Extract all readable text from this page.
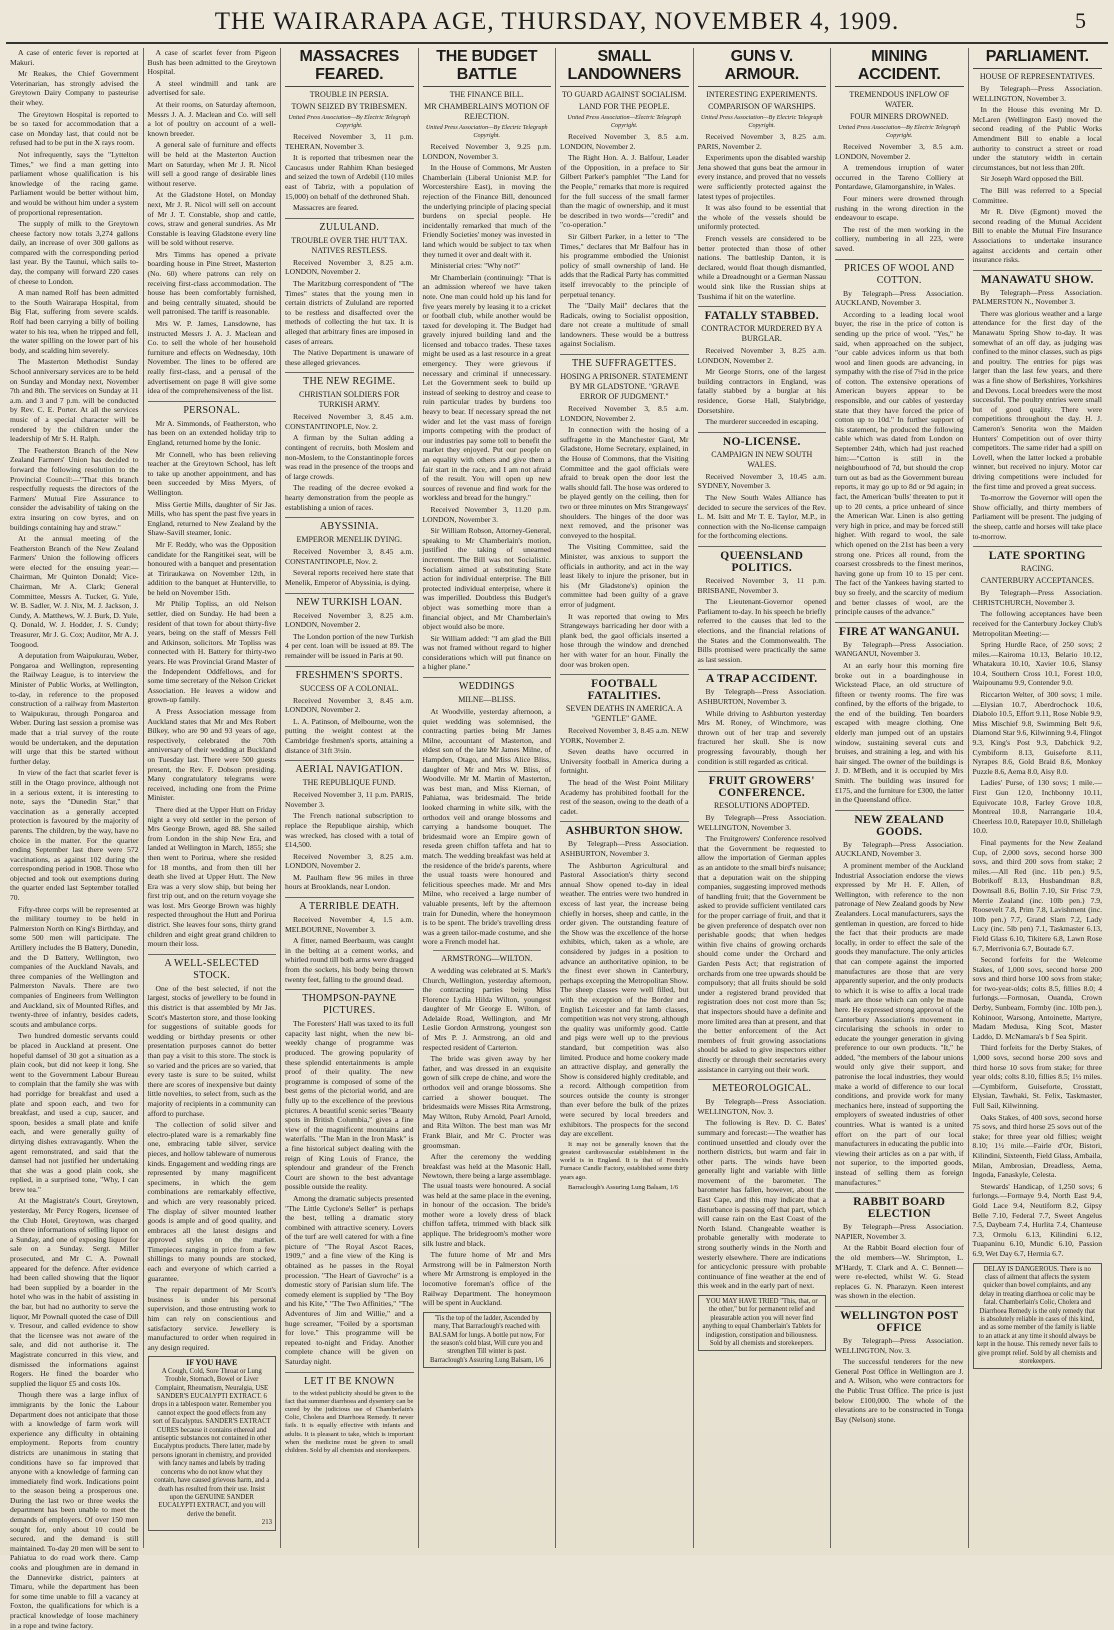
THE WAIRARAPA AGE, THURSDAY, NOVEMBER 4, 1909.	5

A case of enteric fever is reported at Makuri.

Mr Reakes, the Chief Government Veterinarian, has strongly advised the Greytown Dairy Company to pasteurise their whey.

The Greytown Hospital is reported to be so taxed for accommodation that a case on Monday last, that could not be refused had to be put in the X rays room.

Not infrequently, says the "Lyttelton Times," we find a man getting into parliament whose qualification is his knowledge of the racing game. Parliament would be better without him, and would be without him under a system of proportional representation.

The supply of milk to the Greytown cheese factory now totals 3,274 gallons daily, an increase of over 300 gallons as compared with the corresponding period last year. By the Taunui, which sails to-day, the company will forward 220 cases of cheese to London.

A man named Rolf has been admitted to the South Wairarapa Hospital, from Big Flat, suffering from severe scalds. Rolf had been carrying a billy of boiling water to his tea, when he tripped and fell, the water spilling on the lower part of his body, and scalding him severely.

The Masterton Methodist Sunday School anniversary services are to be held on Sunday and Monday next, November 7th and 8th. The services on Sunday at 11 a.m. and 3 and 7 p.m. will be conducted by Rev. C. E. Porter. At all the services music of a special character will be rendered by the children under the leadership of Mr S. H. Ralph.

The Featherston Branch of the New Zealand Farmers' Union has decided to forward the following resolution to the Provincial Council:—"That this branch respectfully requests the directors of the Farmers' Mutual Fire Assurance to consider the advisability of taking on the extra insuring on cow byres, and on buildings containing hay and straw."

At the annual meeting of the Featherston Branch of the New Zealand Farmers' Union the following officers were elected for the ensuing year:—Chairman, Mr Quinton Donald; Vice-Chairman, Mr A. Clark; General Committee, Messrs A. Tucker, G. Yule, W. B. Sadler, W. J. Nix, M. J. Jackson, J. Cundy, A. Matthews, W. J. Burk, D. Yule, Q. Donald, W. J. Hodder, J. S. Cundy; Treasurer, Mr J. G. Cox; Auditor, Mr A. J. Toogood.

A deputation from Waipukurau, Weber, Pongaroa and Wellington, representing the Railway League, is to interview the Minister of Public Works, at Wellington, to-day, in reference to the proposed construction of a railway from Masterton to Waipukurau, through Pongaroa and Weber. During last session a promise was made that a trial survey of the route would be undertaken, and the deputation will urge that this be started without further delay.

In view of the fact that scarlet fever is still in the Otago province, although not in a serious extent, it is interesting to note, says the "Dunedin Star," that vaccination as a generally accepted protection is favoured by the majority of parents. The children, by the way, have no choice in the matter. For the quarter ending September last there were 572 vaccinations, as against 102 during the corresponding period in 1908. Those who objected and took out exemptions during the quarter ended last September totalled 70.

Fifty-three corps will be represented at the military tourney to be held in Palmerston North on King's Birthday, and some 500 men will participate. The Artillery includes the B Battery, Dunedin, and the D Battery, Wellington, two companies of the Auckland Navals, and three companies of the Wellington and Palmerston Navals. There are two companies of Engineers from Wellington and Auckland, six of Mounted Rifles, and twenty-three of infantry, besides cadets, scouts and ambulance corps.

Two hundred domestic servants could be placed in Auckland at present. One hopeful damsel of 30 got a situation as a plain cook, but did not keep it long. She went to the Government Labour Bureau to complain that the family she was with had porridge for breakfast and used a plate and spoon each, and two for breakfast, and used a cup, saucer, and spoon, besides a small plate and knife each, and were generally guilty of dirtying dishes extravagantly. When the agent remonstrated, and said that the damsel had not justified her undertaking that she was a good plain cook, she replied, in a surprised tone, "Why, I can brew tea."

At the Magistrate's Court, Greytown, yesterday, Mr Percy Rogers, licensee of the Club Hotel, Greytown, was charged on three informations of selling liquor on a Sunday, and one of exposing liquor for sale on a Sunday. Sergt. Miller prosecuted, and Mr C. A. Pownall appeared for the defence. After evidence had been called showing that the liquor had been supplied by a boarder in the hotel who was in the habit of assisting in the bar, but had no authority to serve the liquor, Mr Pownall quoted the case of Dill v. Tresour, and called evidence to show that the licensee was not aware of the sale, and did not authorise it. The Magistrate concurred in this view, and dismissed the informations against Rogers. He fined the boarder who supplied the liquor £5 and costs 10s.

Though there was a large influx of immigrants by the Ionic the Labour Department does not anticipate that those with a knowledge of farm work will experience any difficulty in obtaining employment. Reports from country districts are unanimous in stating that conditions have so far improved that anyone with a knowledge of farming can immediately find work. Indications point to the season being a prosperous one. During the last two or three weeks the department has been unable to meet the demands of employers. Of over 150 men sought for, only about 10 could be secured, and the demand is still maintained. To-day 20 men will be sent to Pahiatua to do road work there. Camp cooks and ploughmen are in demand in the Dannevirke district, painters at Timaru, while the department has been for some time unable to fill a vacancy at Foxton, the qualifications for which is a practical knowledge of loose machinery in a rope and twine factory.

A case of scarlet fever from Pigeon Bush has been admitted to the Greytown Hospital.

A steel windmill and tank are advertised for sale.

At their rooms, on Saturday afternoon, Messrs J. A. J. Maclean and Co. will sell a lot of poultry on account of a well-known breeder.

A general sale of furniture and effects will be held at the Masterton Auction Mart on Saturday, when Mr J. R. Nicol will sell a good range of desirable lines without reserve.

At the Gladstone Hotel, on Monday next, Mr J. R. Nicol will sell on account of Mr J. T. Constable, shop and cattle, cows, straw and general sundries. As Mr Constable is leaving Gladstone every line will be sold without reserve.

Mrs Timms has opened a private boarding house in Pine Street, Masterton (No. 60) where patrons can rely on receiving first-class accommodation. The house has been comfortably furnished, and being centrally situated, should be well patronised. The tariff is reasonable.

Mrs W. P. James, Lansdowne, has instructed Messrs J. A. J. Maclean and Co. to sell the whole of her household furniture and effects on Wednesday, 10th November. The lines to be offered are really first-class, and a perusal of the advertisement on page 8 will give some idea of the comprehensiveness of the list.

PERSONAL.

Mr A. Simmonds, of Featherston, who has been on an extended holiday trip to England, returned home by the Ionic.

Mr Connell, who has been relieving teacher at the Greytown School, has left to take up another appointment, and has been succeeded by Miss Myers, of Wellington.

Miss Gertie Mills, daughter of Sir Jas. Mills, who has spent the past five years in England, returned to New Zealand by the Shaw-Savill steamer, Ionic.

Mr F. Reddy, who was the Opposition candidate for the Rangitikei seat, will be honoured with a banquet and presentation at Tiriraukawa on November 12th, in addition to the banquet at Hunterville, to be held on November 15th.

Mr Philip Topliss, an old Nelson settler, died on Sunday. He had been a resident of that town for about thirty-five years, being on the staff of Messrs Fell and Atkinson, solicitors. Mr Topliss was connected with H. Battery for thirty-two years. He was Provincial Grand Master of the Independent Oddfellows, and for some time secretary of the Nelson Cricket Association. He leaves a widow and grown-up family.

A Press Association message from Auckland states that Mr and Mrs Robert Bilkey, who are 90 and 93 years of age, respectively, celebrated the 70th anniversary of their wedding at Buckland on Tuesday last. There were 500 guests present, the Rev. F. Dobson presiding. Many congratulatory telegrams were received, including one from the Prime Minister.

There died at the Upper Hutt on Friday night a very old settler in the person of Mrs George Brown, aged 88. She sailed from London in the ship New Era, and landed at Wellington in March, 1855; she then went to Porirua, where she resided for 18 months, and from then till her death she lived at Upper Hutt. The New Era was a very slow ship, but being her first trip out, and on the return voyage she was lost. Mrs George Brown was highly respected throughout the Hutt and Porirua district. She leaves four sons, thirty grand children and eight great grand children to mourn their loss.

A WELL-SELECTED STOCK.

One of the best selected, if not the largest, stocks of jewellery to be found in this district is that assembled by Mr Jas. Scott's Masterton store, and those looking for suggestions of suitable goods for wedding or birthday presents or other presentation purposes cannot do better than pay a visit to this store. The stock is so varied and the prices are so varied, that every taste is sure to be suited, whilst there are scores of inexpensive but dainty little novelties, to select from, such as the majority of recipients in a community can afford to purchase.

The collection of solid silver and electro-plated ware is a remarkably fine one, embracing table silver, service pieces, and hollow tableware of numerous kinds. Engagement and wedding rings are represented by many magnificent specimens, in which the gem combinations are remarkably effective, and which are very reasonably priced. The display of silver mounted leather goods is ample and of good quality, and embraces all the latest designs and approved styles on the market. Timepieces ranging in price from a few shillings to many pounds are stocked, each and everyone of which carried a guarantee.

The repair department of Mr Scott's business is under his personal supervision, and those entrusting work to him can rely on conscientious and satisfactory service. Jewellery is manufactured to order when required in any design required.

IF YOU HAVE
A Cough, Cold, Sore Throat or Lung Trouble, Stomach, Bowel or Liver Complaint, Rheumatism, Neuralgia, USE SANDER'S EUCALYPTI EXTRACT. 6 drops in a tablespoon water. Remember you cannot expect the good effects from any sort of Eucalyptus. SANDER'S EXTRACT CURES because it contains ethereal and antiseptic substances not contained in other Eucalyptus products. There latter, made by persons ignorant in chemistry, and provided with fancy names and labels by trading concerns who do not know what they contain, have caused grievous harm, and a death has resulted from their use. Insist upon the GENUINE SANDER EUCALYPTI EXTRACT, and you will derive the benefit.
213
MASSACRES FEARED.
TROUBLE IN PERSIA.
TOWN SEIZED BY TRIBESMEN.
United Press Association—By Electric Telegraph Copyright.

Received November 3, 11 p.m. TEHERAN, November 3.

It is reported that tribesmen near the Caucasus under Rahhim Khan besieged and seized the town of Ardebil (110 miles east of Tabriz, with a population of 15,000) on behalf of the dethroned Shah.

Massacres are feared.

ZULULAND.
TROUBLE OVER THE HUT TAX. NATIVES RESTLESS.

Received November 3, 8.25 a.m. LONDON, November 2.

The Maritzburg correspondent of "The Times" states that the young men in certain districts of Zululand are reported to be restless and disaffected over the methods of collecting the hut tax. It is alleged that arbitrary fines are imposed in cases of arrears.

The Native Department is unaware of these alleged grievances.

THE NEW REGIME.
CHRISTIAN SOLDIERS FOR TURKISH ARMY.

Received November 3, 8.45 a.m. CONSTANTINOPLE, Nov. 2.

A firman by the Sultan adding a contingent of recruits, both Moslem and non-Moslem, to the Constantinople forces was read in the presence of the troops and of large crowds.

The reading of the decree evoked a hearty demonstration from the people as establishing a union of races.

ABYSSINIA.
EMPEROR MENELIK DYING.

Received November 3, 8.45 a.m. CONSTANTINOPLE, Nov. 2.

Several reports received here state that Menelik, Emperor of Abyssinia, is dying.

NEW TURKISH LOAN.

Received November 3, 8.25 a.m. LONDON, November 2.

The London portion of the new Turkish 4 per cent. loan will be issued at 89. The remainder will be issued in Paris at 90.

FRESHMEN'S SPORTS.
SUCCESS OF A COLONIAL.

Received November 3, 8.45 a.m. LONDON, November 2.

L. A. Patinson, of Melbourne, won the putting the weight contest at the Cambridge freshmen's sports, attaining a distance of 31ft 3½in.

AERIAL NAVIGATION.
THE REPUBLIQUE FUND.

Received November 3, 11 p.m. PARIS, November 3.

The French national subscription to replace the Republique airship, which was wrecked, has closed with a total of £14,500.

Received November 3, 8.25 a.m. LONDON, November 2.

M. Paulham flew 96 miles in three hours at Brooklands, near London.

A TERRIBLE DEATH.

Received November 4, 1.5 a.m. MELBOURNE, November 3.

A fitter, named Beerbaum, was caught in the belting at a cement works, and whirled round till both arms were dragged from the sockets, his body being thrown twenty feet, falling to the ground dead.

THOMPSON-PAYNE PICTURES.

The Foresters' Hall was taxed to its full capacity last night, when the new bi-weekly change of programme was produced. The growing popularity of these splendid entertainments is ample proof of their quality. The new programme is composed of some of the best gems of the pictorial world, and are fully up to the excellence of the previous pictures. A beautiful scenic series "Beauty spots in British Columbia," gives a fine view of the magnificent mountains and waterfalls. "The Man in the Iron Mask" is a fine historical subject dealing with the reign of King Louis of France, the splendour and grandeur of the French Court are shown to the best advantage possible outside the reality.

Among the dramatic subjects presented "The Little Cyclone's Seller" is perhaps the best, telling a dramatic story combined with attractive scenery. Lovers of the turf are well catered for with a fine picture of "The Royal Ascot Races, 1909," and a fine view of the King is obtained as he passes in the Royal procession. "The Heart of Gavroche" is a domestic story of Parisian slum life. The comedy element is supplied by "The Boy and his Kite," "The Two Affinities," "The Adventures of Jim and Willie," and a huge screamer, "Foiled by a sportsman for love." This programme will be repeated to-night and Friday. Another complete chance will be given on Saturday night.

LET IT BE KNOWN

to the widest publicity should be given to the fact that summer diarrhoea and dysentery can be cured by the judicious use of Chamberlain's Colic, Cholera and Diarrhoea Remedy. It never fails. It is equally effective with infants and adults. It is pleasant to take, which is important when the medicine must be given to small children. Sold by all chemists and storekeepers.

THE BUDGET BATTLE
THE FINANCE BILL.
MR CHAMBERLAIN'S MOTION OF REJECTION.
United Press Association—By Electric Telegraph Copyright.

Received November 3, 9.25 p.m. LONDON, November 3.

In the House of Commons, Mr Austen Chamberlain (Liberal Unionist M.P. for Worcestershire East), in moving the rejection of the Finance Bill, denounced the underlying principle of placing special burdens on special people. He incidentally remarked that much of the Friendly Societies' money was invested in land which would be subject to tax when they turned it over and dealt with it.

Ministerial cries: "Why not?"

Mr Chamberlain (continuing): "That is an admission whereof we have taken note. One man could hold up his land for five years merely by leasing it to a cricket or football club, while another would be taxed for developing it. The Budget had gravely injured building land and the licensed and tobacco trades. These taxes might be used as a last resource in a great emergency. They were grievous if necessary and criminal if unnecessary. Let the Government seek to build up instead of seeking to destroy and cease to ruin particular trades by burdens too heavy to bear. If necessary spread the net wider and let the vast mass of foreign imports competing with the product of our industries pay some toll to benefit the market they enjoyed. Put our people on an equality with others and give them a fair start in the race, and I am not afraid of the result. You will open up new sources of revenue and find work for the workless and bread for the hungry."

Received November 3, 11.20 p.m. LONDON, November 3.

Sir William Robson, Attorney-General, speaking to Mr Chamberlain's motion, justified the taking of unearned increment. The Bill was not Socialistic. Socialism aimed at substituting State action for individual enterprise. The Bill protected individual enterprise, where it was imperilled. Doubtless this Budget's object was something more than a financial object, and Mr Chamberlain's object would also be more.

Sir William added: "I am glad the Bill was not framed without regard to higher considerations which will put finance on a higher plane."

WEDDINGS
MILNE—BLISS.

At Woodville, yesterday afternoon, a quiet wedding was solemnised, the contracting parties being Mr James Milne, accountant of Masterton, and eldest son of the late Mr James Milne, of Hampden, Otago, and Miss Alice Bliss, daughter of Mr and Mrs W. Bliss, of Woodville. Mr M. Martin of Masterton, was best man, and Miss Kiernan, of Pahiatua, was bridesmaid. The bride looked charming in white silk, with the orthodox veil and orange blossoms and carrying a handsome bouquet. The bridesmaid wore an Empire gown of reseda green chiffon taffeta and hat to match. The wedding breakfast was held at the residence of the bride's parents, where the usual toasts were honoured and felicitious speeches made. Mr and Mrs Milne, who received a large number of valuable presents, left by the afternoon train for Dunedin, where the honeymoon is to be spent. The bride's travelling dress was a green tailor-made costume, and she wore a French model hat.

ARMSTRONG—WILTON.

A wedding was celebrated at S. Mark's Church, Wellington, yesterday afternoon, the contracting parties being Miss Florence Lydia Hilda Wilton, youngest daughter of Mr George E. Wilton, of Adelaide Road, Wellington, and Mr Leslie Gordon Armstrong, youngest son of Mrs P. J. Armstrong, an old and respected resident of Carterton.

The bride was given away by her father, and was dressed in an exquisite gown of silk crepe de chine, and wore the orthodox veil and orange blossoms. She carried a shower bouquet. The bridesmaids were Misses Rita Armstrong, May Wilton, Ruby Arnold, Pearl Arnold, and Rita Wilton. The best man was Mr Frank Blair, and Mr C. Procter was groomsman.

After the ceremony the wedding breakfast was held at the Masonic Hall, Newtown, there being a large assemblage. The usual toasts were honoured. A social was held at the same place in the evening, in honour of the occasion. The bride's mother wore a lovely dress of black chiffon taffeta, trimmed with black silk applique. The bridegroom's mother wore silk lustre and black.

The future home of Mr and Mrs Armstrong will be in Palmerston North where Mr Armstrong is employed in the locomotive foreman's office of the Railway Department. The honeymoon will be spent in Auckland.

'Tis the top of the ladder, Ascended by many, That Barraclough's reached with BALSAM for lungs. A bottle put now, For the season's cold blast, Will cure you and strengthen Till winter is past.
Barraclough's Assuring Lung Balsam, 1/6
SMALL LANDOWNERS
TO GUARD AGAINST SOCIALISM.
LAND FOR THE PEOPLE.
United Press Association—Electric Telegraph Copyright.

Received November 3, 8.5 a.m. LONDON, November 2.

The Right Hon. A. J. Balfour, Leader of the Opposition, in a preface to Sir Gilbert Parker's pamphlet "The Land for the People," remarks that more is required for the full success of the small farmer than the magic of ownership, and it must be described in two words—"credit" and "co-operation."

Sir Gilbert Parker, in a letter to "The Times," declares that Mr Balfour has in his programme embodied the Unionist policy of small ownership of land. He adds that the Radical Party has committed itself irrevocably to the principle of perpetual tenancy.

The "Daily Mail" declares that the Radicals, owing to Socialist opposition, dare not create a multitude of small landowners. These would be a buttress against Socialism.

THE SUFFRAGETTES.
HOSING A PRISONER. STATEMENT BY MR GLADSTONE. "GRAVE ERROR OF JUDGMENT."

Received November 3, 8.5 a.m. LONDON, November 2.

In connection with the hosing of a suffragette in the Manchester Gaol, Mr Gladstone, Home Secretary, explained, in the House of Commons, that the Visiting Committee and the gaol officials were afraid to break open the door lest the walls should fall. The hose was ordered to be played gently on the ceiling, then for two or three minutes on Mrs Strangeways' shoulders. The hinges of the door was next removed, and the prisoner was conveyed to the hospital.

The Visiting Committee, said the Minister, was anxious to support the officials in authority, and act in the way least likely to injure the prisoner, but in his (Mr Gladstone's) opinion the committee had been guilty of a grave error of judgment.

It was reported that owing to Mrs Strangeways barricading her door with a plank bed, the gaol officials inserted a hose through the window and drenched her with water for an hour. Finally the door was broken open.

FOOTBALL FATALITIES.
SEVEN DEATHS IN AMERICA. A "GENTLE" GAME.

Received November 3, 8.45 a.m. NEW YORK, November 2.

Seven deaths have occurred in University football in America during a fortnight.

The head of the West Point Military Academy has prohibited football for the rest of the season, owing to the death of a cadet.

ASHBURTON SHOW.

By Telegraph—Press Association. ASHBURTON, November 3.

The Ashburton Agricultural and Pastoral Association's thirty second annual Show opened to-day in ideal weather. The entries were two hundred in excess of last year, the increase being chiefly in horses, sheep and cattle, in the order given. The outstanding feature of the Show was the excellence of the horse exhibits, which, taken as a whole, are considered by judges in a position to advance an authoritative opinion, to be the finest ever shown in Canterbury, perhaps excepting the Metropolitan Show. The sheep classes were well filled, but with the exception of the Border and English Leicester and fat lamb classes, competition was not very strong, although the quality was uniformly good. Cattle and pigs were well up to the previous standard, but competition was also limited. Produce and home cookery made an attractive display, and generally the Show is considered highly creditable, and a record. Although competition from sources outside the county is stronger than ever before the bulk of the prizes were secured by local breeders and exhibitors. The prospects for the second day are excellent.

It may not be generally known that the greatest cardiovascular establishment in the world is in England. It is that of French's Furnace Candle Factory, established some thirty years ago.

Barraclough's Assuring Lung Balsam, 1/6

GUNS V. ARMOUR.
INTERESTING EXPERIMENTS.
COMPARISON OF WARSHIPS.
United Press Association—By Electric Telegraph Copyright.

Received November 3, 8.25 a.m. PARIS, November 2.

Experiments upon the disabled warship Jena showed that guns beat the armour in every instance, and proved that no vessels were sufficiently protected against the latest types of projectiles.

It was also found to be essential that the whole of the vessels should be uniformly protected.

French vessels are considered to be better protected than those of other nations. The battleship Danton, it is declared, would float though dismantled, while a Dreadnought or a German Nassau would sink like the Russian ships at Tsushima if hit on the waterline.

FATALLY STABBED.
CONTRACTOR MURDERED BY A BURGLAR.

Received November 3, 8.25 a.m. LONDON, November 2.

Mr George Storrs, one of the largest building contractors in England, was fatally stabbed by a burglar at his residence, Gorse Hall, Stalybridge, Dorsetshire.

The murderer succeeded in escaping.

NO-LICENSE.
CAMPAIGN IN NEW SOUTH WALES.

Received November 3, 10.45 a.m. SYDNEY, November 3.

The New South Wales Alliance has decided to secure the services of the Rev. L. M. Isitt and Mr T. E. Taylor, M.P., in connection with the No-license campaign for the forthcoming elections.

QUEENSLAND POLITICS.

Received November 3, 11 p.m. BRISBANE, November 3.

The Lieutenant-Governor opened Parliament to-day. In his speech he briefly referred to the causes that led to the elections, and the financial relations of the States and the Commonwealth. The Bills promised were practically the same as last session.

A TRAP ACCIDENT.

By Telegraph—Press Association. ASHBURTON, November 3.

While driving to Ashburton yesterday Mrs M. Roney, of Winchmore, was thrown out of her trap and severely fractured her skull. She is now progressing favourably, though her condition is still regarded as critical.

FRUIT GROWERS' CONFERENCE.
RESOLUTIONS ADOPTED.

By Telegraph—Press Association. WELLINGTON, November 3.

The Fruitgrowers' Conference resolved that the Government be requested to allow the importation of German apples as an antidote to the small bird's nuisance; that a deputation wait on the shipping companies, suggesting improved methods of handling fruit; that the Government be asked to provide sufficient ventilated cars for the proper carriage of fruit, and that it be given preference of despatch over non perishable goods; that when hedges within five chains of growing orchards should come under the Orchard and Garden Pests Act; that registration of orchards from one tree upwards should be compulsory; that all fruits should be sold under a registered brand provided that registration does not cost more than 5s; that inspectors should have a definite and more limited area than at present, and that the better enforcement of the Act members of fruit growing associations should be asked to give inspectors either directly or through their secretaries every assistance in carrying out their work.

METEOROLOGICAL.

By Telegraph—Press Association. WELLINGTON, Nov. 3.

The following is Rev. D. C. Bates' summary and forecast:—The weather has continued unsettled and cloudy over the northern districts, but warm and fair in other parts. The winds have been generally light and variable with little movement of the barometer. The barometer has fallen, however, about the East Cape, and this may indicate that a disturbance is passing off that part, which will cause rain on the East Coast of the North Island. Changeable weather is probable generally with moderate to strong southerly winds in the North and westerly elsewhere. There are indications for anticyclonic pressure with probable continuance of fine weather at the end of this week and in the early part of next.

YOU MAY HAVE TRIED "This, that, or the other," but for permanent relief and pleasurable action you will never find anything to equal Chamberlain's Tablets for indigestion, constipation and biliousness. Sold by all chemists and storekeepers.
MINING ACCIDENT.
TREMENDOUS INFLOW OF WATER.
FOUR MINERS DROWNED.
United Press Association—By Electric Telegraph Copyright.

Received November 3, 8.5 a.m. LONDON, November 2.

A tremendous irruption of water occurred in the Tareno Colliery at Pontardawe, Glamorganshire, in Wales.

Four miners were drowned through rushing in the wrong direction in the endeavour to escape.

The rest of the men working in the colliery, numbering in all 223, were saved.

PRICES OF WOOL AND COTTON.

By Telegraph—Press Association. AUCKLAND, November 3.

According to a leading local wool buyer, the rise in the price of cotton is sending up the price of wool. "Yes," he said, when approached on the subject, "our cable advices inform us that both wool and linen goods are advancing, in sympathy with the rise of 7¼d in the price of cotton. The extensive operations of American buyers appear to be responsible, and our cables of yesterday state that they have forced the price of cotton up to 10d." In further support of his statement, he produced the following cable which was dated from London on September 24th, which had just reached him:—"Cotton is still in the neighbourhood of 7d, but should the crop turn out as bad as the Government bureau reports, it may go up to 8d or 9d again; in fact, the American 'bulls' threaten to put it up to 20 cents, a price unheard of since the American War. Linen is also getting very high in price, and may be forced still higher. With regard to wool, the sale which opened on the 21st has been a very strong one. Prices all round, from the coarsest crossbreds to the finest merinos, having gone up from 10 to 15 per cent. The fact of the Yankees having started to buy so freely, and the scarcity of medium and better classes of wool, are the principle causes of the advance."

FIRE AT WANGANUI.

By Telegraph—Press Association. WANGANUI, November 3.

At an early hour this morning fire broke out in a boardinghouse in Wickstead Place, an old structure of fifteen or twenty rooms. The fire was confined, by the efforts of the brigade, to the end of the building. Ten boarders escaped with meagre clothing. One elderly man jumped out of an upstairs window, sustaining several cuts and bruises, and straining a leg, and with his hair singed. The owner of the buildings is J. D. M'Beth, and it is occupied by Mrs Smith. The building was insured for £175, and the furniture for £300, the latter in the Queensland office.

NEW ZEALAND GOODS.

By Telegraph—Press Association. AUCKLAND, November 3.

A prominent member of the Auckland Industrial Association endorse the views expressed by Mr H. F. Allen, of Wellington, with reference to the non patronage of New Zealand goods by New Zealanders. Local manufacturers, says the gentleman in question, are forced to hide the fact that their products are made locally, in order to effect the sale of the goods they manufacture. The only articles that can compete against the imported manufactures are those that are very apparently superior, and the only products to which it is wise to affix a local trade mark are those which can only be made here. He expressed strong approval of the Canterbury Association's movement in circularising the schools in order to educate the younger generation in giving preference to our own products. "It," he added, "the members of the labour unions would only give their support, and patronise the local industries, they would make a world of difference to our local conditions, and provide work for many mechanics here, instead of supporting the employers of sweated industries of other countries. What is wanted is a united effort on the part of our local manufacturers in educating the public into viewing their articles as on a par with, if not superior, to the imported goods, instead of selling them as foreign manufactures."

RABBIT BOARD ELECTION

By Telegraph—Press Association. NAPIER, November 3.

At the Rabbit Board election four of the old members—W. Shrimpton, L. M'Hardy, T. Clark and A. C. Bennett—were re-elected, whilst W. G. Stead replaces G. N. Pharazyn. Keen interest was shown in the election.

WELLINGTON POST OFFICE

By Telegraph—Press Association. WELLINGTON, Nov. 3.

The successful tenderers for the new General Post Office in Wellington are J. and A. Wilson, who were contractors for the Public Trust Office. The price is just below £100,000. The whole of the elevations are to be constructed in Tonga Bay (Nelson) stone.

PARLIAMENT.
HOUSE OF REPRESENTATIVES.

By Telegraph—Press Association. WELLINGTON, November 3.

In the House this evening Mr D. McLaren (Wellington East) moved the second reading of the Public Works Amendment Bill to enable a local authority to construct a street or road under the statutory width in certain circumstances, but not less than 20ft.

Sir Joseph Ward opposed the Bill.

The Bill was referred to a Special Committee.

Mr R. Dive (Egmont) moved the second reading of the Mutual Accident Bill to enable the Mutual Fire Insurance Associations to undertake insurance against accidents and certain other insurance risks.

MANAWATU SHOW.

By Telegraph—Press Association. PALMERSTON N., November 3.

There was glorious weather and a large attendance for the first day of the Manawatu Spring Show to-day. It was somewhat of an off day, as judging was confined to the minor classes, such as pigs and poultry. The entries for pigs was larger than the last few years, and there was a fine show of Berkshires, Yorkshires and Devons. Local breeders were the most successful. The poultry entries were small but of good quality. There were competitions throughout the day. H. J. Cameron's Senorita won the Maiden Hunters' Competition out of over thirty competitors. The same rider had a spill on Lovell, when the latter locked a probable winner, but received no injury. Motor car driving competitions were included for the first time and proved a great success.

To-morrow the Governor will open the Show officially, and thirty members of Parliament will be present. The judging of the sheep, cattle and horses will take place to-morrow.

LATE SPORTING
RACING.
CANTERBURY ACCEPTANCES.

By Telegraph—Press Association. CHRISTCHURCH, November 3.

The following acceptances have been received for the Canterbury Jockey Club's Metropolitan Meeting:—

Spring Hurdle Race, of 250 sovs; 2 miles.—Kairoma 10.13, Belario 10.12, Whatakura 10.10, Xavier 10.6, Slansy 10.4, Southern Cross 10.1, Forest 10.0, Waipounamu 9.9, Contender 9.0.

Riccarton Welter, of 300 sovs; 1 mile.—Elysian 10.7, Aberdrochock 10.6, Diabolo 10.5, Effort 9.11, Rose Noble 9.9, Miss Mischief 9.8, Swimming Belt 9.6, Diamond Star 9.6, Kilwinning 9.4, Flingot 9.3, King's Post 9.3, Dabchick 9.2, Cymbiform 8.13, Guiseforte 8.11, Nyrapes 8.6, Gold Braid 8.6, Monkey Puzzle 8.6, Aema 8.0, Aisy 8.0.

Ladies' Purse, of 130 sovs; 1 mile.—First Gun 12.0, Inchbonny 10.11, Equivocate 10.8, Farley Grove 10.8, Montreal 10.8, Narrangarie 10.4, Cheerless 10.0, Ratepayer 10.0, Shillelagh 10.0.

Final payments for the New Zealand Cup, of 2,000 sovs, second horse 300 sovs, and third 200 sovs from stake; 2 miles.—All Red (inc. 11b pen.) 9.5, Bobrikoff 8.13, Husbandman 8.8, Downsall 8.6, Bollin 7.10, Sir Frisc 7.9, Merrie Zealand (inc. 10lb pen.) 7.9, Roosevelt 7.8, Prim 7.8, Lavishment (inc. 10lb pen.) 7.7, Grand Slam 7.2, Lady Lucy (inc. 5lb pen) 7.1, Taskmaster 6.13, Field Glass 6.10, Tikitere 6.8, Lawn Rose 6.7, Merrivonia 6.7, Boutade 6.7.

Second forfeits for the Welcome Stakes, of 1,000 sovs, second horse 200 sovs and third horse 100 sovs from stake; for two-year-olds; colts 8.5, fillies 8.0; 4 furlongs.—Formosan, Ouanda, Crown Derby, Sunbeam, Formby (inc. 10lb pen.), Kohinoor, Warsong, Antoinette, Martyre, Madam Medusa, King Scot, Master Laddo, D. McNamara's b f Sea Spirit.

Third forfeits for the Derby Stakes, of 1,000 sovs, second horse 200 sovs and third horse 10 sovs from stake; for three year olds; colts 8.10, fillies 8.5; 1½ miles.—Cymbiform, Guiseforte, Crosstatt, Elysian, Tawhaki, St. Felix, Taskmaster, Full Sail, Kilwinning.

Oaks Stakes, of 400 sovs, second horse 75 sovs, and third horse 25 sovs out of the stake; for three year old fillies; weight 8.10; 1½ mile.—Fairle d'Or, Bistori, Kilindini, Sixteenth, Field Glass, Ambaila, Milan, Ambrosian, Dreadless, Aema, Ingoda, Fanaskyle, Celesta.

Stewards' Handicap, of 1,250 sovs; 6 furlongs.—Formaye 9.4, North East 9.4, Gold Lace 9.4, Neutiform 8.2, Gipsy Belle 7.10, Federal 7.7, Sweet Angelus 7.5, Daybeam 7.4, Hurlita 7.4, Chanteuse 7.3, Ormolu 6.13, Kilindini 6.12, Tuapaninu 6.10, Mundic 6.10, Passion 6.9, Wet Day 6.7, Hermia 6.7.

DELAY IS DANGEROUS. There is no class of ailment that affects the system quicker than bowel complaints, and any delay in treating diarrhoea or colic may be fatal. Chamberlain's Colic, Cholera and Diarrhoea Remedy is the only remedy that is absolutely reliable in cases of this kind, and as some member of the family is liable to an attack at any time it should always be kept in the house. This remedy never fails to give prompt relief. Sold by all chemists and storekeepers.
